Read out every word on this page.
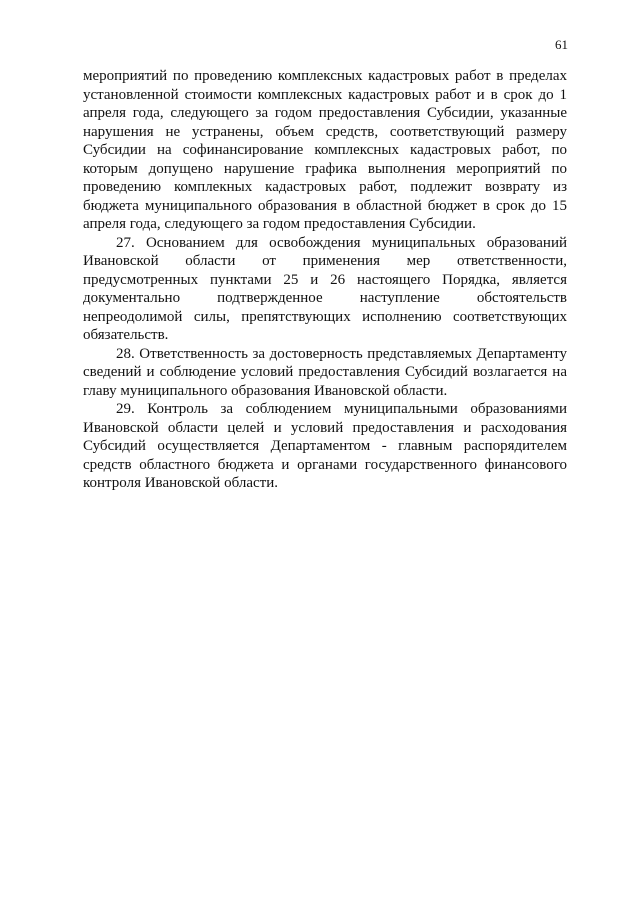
61

мероприятий по проведению комплексных кадастровых работ в пределах установленной стоимости комплексных кадастровых работ и в срок до 1 апреля года, следующего за годом предоставления Субсидии, указанные нарушения не устранены, объем средств, соответствующий размеру Субсидии на софинансирование комплексных кадастровых работ, по которым допущено нарушение графика выполнения мероприятий по проведению комплекных кадастровых работ, подлежит возврату из бюджета муниципального образования в областной бюджет в срок до 15 апреля года, следующего за годом предоставления Субсидии.

27. Основанием для освобождения муниципальных образований Ивановской области от применения мер ответственности, предусмотренных пунктами 25 и 26 настоящего Порядка, является документально подтвержденное наступление обстоятельств непреодолимой силы, препятствующих исполнению соответствующих обязательств.

28. Ответственность за достоверность представляемых Департаменту сведений и соблюдение условий предоставления Субсидий возлагается на главу муниципального образования Ивановской области.

29. Контроль за соблюдением муниципальными образованиями Ивановской области целей и условий предоставления и расходования Субсидий осуществляется Департаментом - главным распорядителем средств областного бюджета и органами государственного финансового контроля Ивановской области.
